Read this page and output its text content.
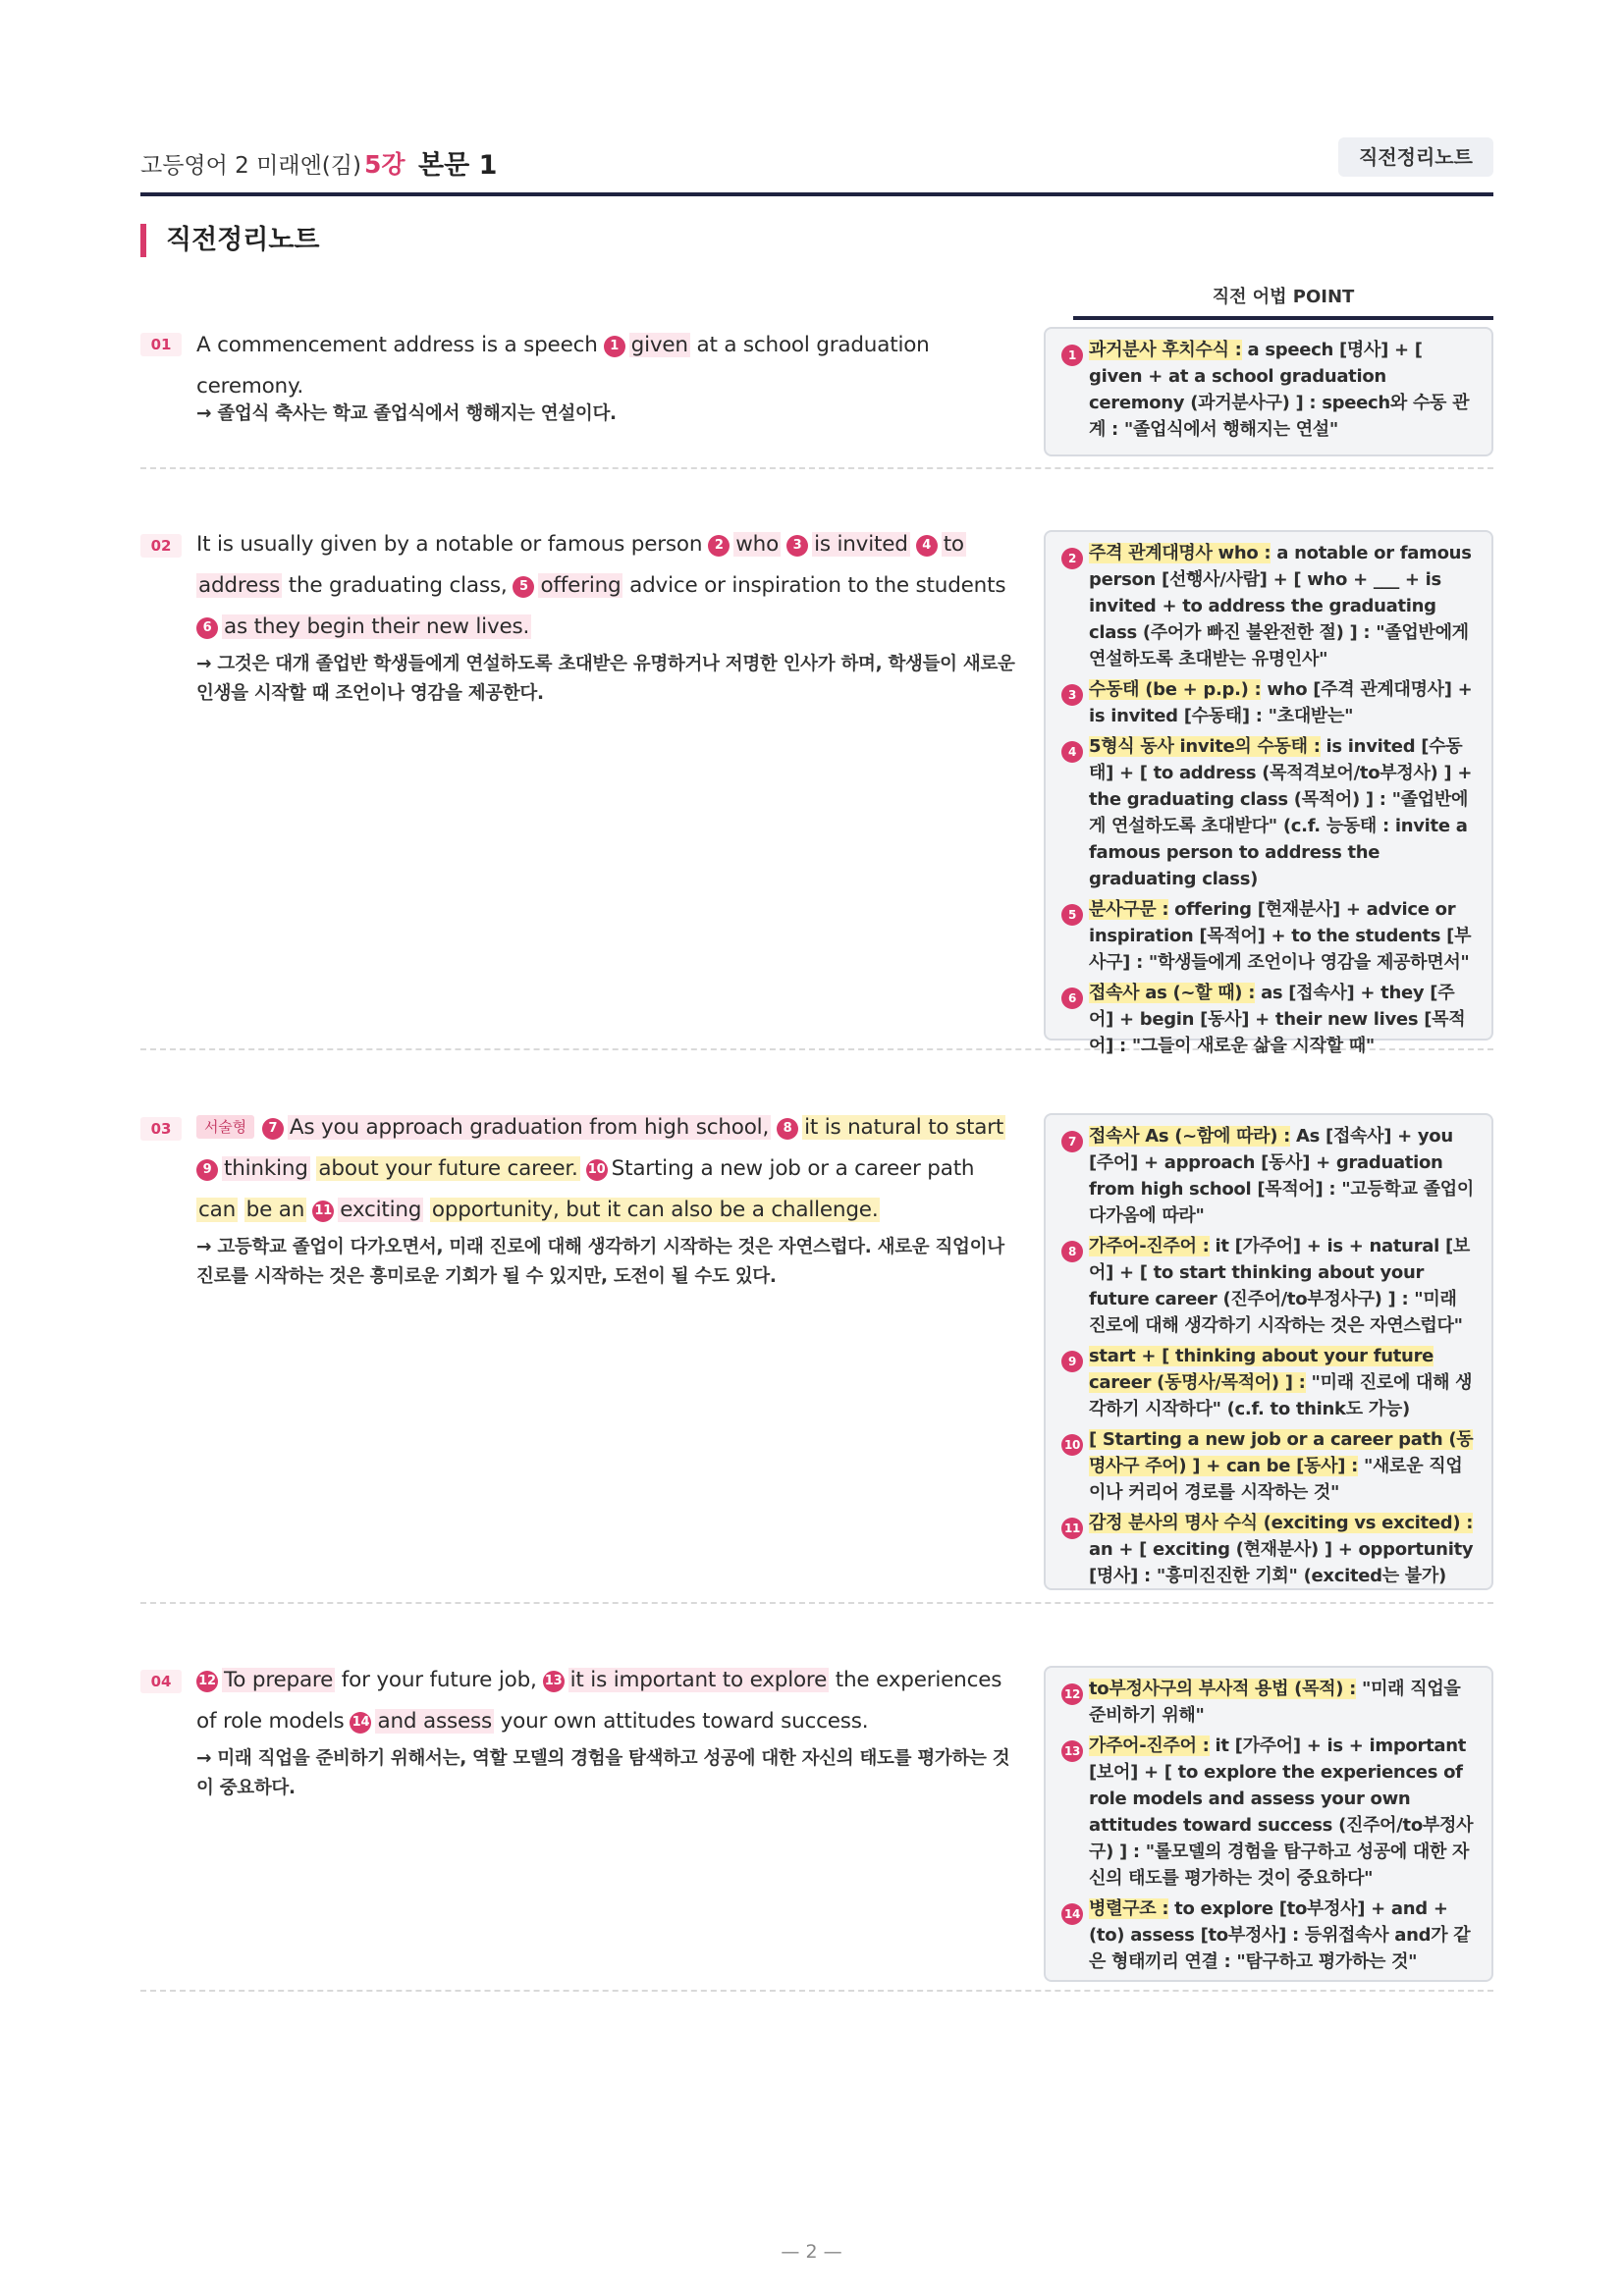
고등영어 2 미래엔(김) 5강 본문 1	직전정리노트
직전정리노트
직전 어법 POINT
01	A commencement address is a speech 1 given at a school graduation ceremony.
→ 졸업식 축사는 학교 졸업식에서 행해지는 연설이다.
1 과거분사 후치수식 : a speech [명사] + [ given + at a school graduation ceremony (과거분사구) ] : speech와 수동 관계 : "졸업식에서 행해지는 연설"
02	It is usually given by a notable or famous person 2 who 3 is invited 4 to address the graduating class, 5 offering advice or inspiration to the students 6 as they begin their new lives.
→ 그것은 대개 졸업반 학생들에게 연설하도록 초대받은 유명하거나 저명한 인사가 하며, 학생들이 새로운 인생을 시작할 때 조언이나 영감을 제공한다.
2 주격 관계대명사 who : a notable or famous person [선행사/사람] + [ who + ___ + is invited + to address the graduating class (주어가 빠진 불완전한 절) ] : "졸업반에게 연설하도록 초대받는 유명인사"
3 수동태 (be + p.p.) : who [주격 관계대명사] + is invited [수동태] : "초대받는"
4 5형식 동사 invite의 수동태 : is invited [수동태] + [ to address (목적격보어/to부정사) ] + the graduating class (목적어) ] : "졸업반에게 연설하도록 초대받다" (c.f. 능동태 : invite a famous person to address the graduating class)
5 분사구문 : offering [현재분사] + advice or inspiration [목적어] + to the students [부사구] : "학생들에게 조언이나 영감을 제공하면서"
6 접속사 as (~할 때) : as [접속사] + they [주어] + begin [동사] + their new lives [목적어] : "그들이 새로운 삶을 시작할 때"
03	서술형 7 As you approach graduation from high school, 8 it is natural to start 9 thinking about your future career. 10 Starting a new job or a career path can be an 11 exciting opportunity, but it can also be a challenge.
→ 고등학교 졸업이 다가오면서, 미래 진로에 대해 생각하기 시작하는 것은 자연스럽다. 새로운 직업이나 진로를 시작하는 것은 흥미로운 기회가 될 수 있지만, 도전이 될 수도 있다.
7 접속사 As (~함에 따라) : As [접속사] + you [주어] + approach [동사] + graduation from high school [목적어] : "고등학교 졸업이 다가옴에 따라"
8 가주어-진주어 : it [가주어] + is + natural [보어] + [ to start thinking about your future career (진주어/to부정사구) ] : "미래 진로에 대해 생각하기 시작하는 것은 자연스럽다"
9 start + [ thinking about your future career (동명사/목적어) ] : "미래 진로에 대해 생각하기 시작하다" (c.f. to think도 가능)
10 [ Starting a new job or a career path (동명사구 주어) ] + can be [동사] : "새로운 직업이나 커리어 경로를 시작하는 것"
11 감정 분사의 명사 수식 (exciting vs excited) : an + [ exciting (현재분사) ] + opportunity [명사] : "흥미진진한 기회" (excited는 불가)
04	12 To prepare for your future job, 13 it is important to explore the experiences of role models 14 and assess your own attitudes toward success.
→ 미래 직업을 준비하기 위해서는, 역할 모델의 경험을 탐색하고 성공에 대한 자신의 태도를 평가하는 것이 중요하다.
12 to부정사구의 부사적 용법 (목적) : "미래 직업을 준비하기 위해"
13 가주어-진주어 : it [가주어] + is + important [보어] + [ to explore the experiences of role models and assess your own attitudes toward success (진주어/to부정사구) ] : "롤모델의 경험을 탐구하고 성공에 대한 자신의 태도를 평가하는 것이 중요하다"
14 병렬구조 : to explore [to부정사] + and + (to) assess [to부정사] : 등위접속사 and가 같은 형태끼리 연결 : "탐구하고 평가하는 것"
— 2 —
